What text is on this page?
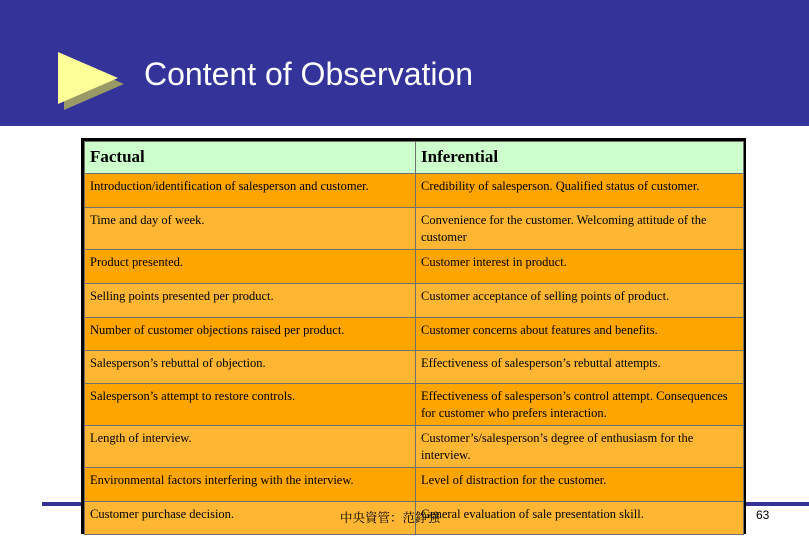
Content of Observation
Factual	Inferential
Introduction/identification of salesperson and customer.	Credibility of salesperson. Qualified status of customer.
Time and day of week.	Convenience for the customer. Welcoming attitude of the customer
Product presented.	Customer interest in product.
Selling points presented per product.	Customer acceptance of selling points of product.
Number of customer objections raised per product.	Customer concerns about features and benefits.
Salesperson’s rebuttal of objection.	Effectiveness of salesperson’s rebuttal attempts.
Salesperson’s attempt to restore controls.	Effectiveness of salesperson’s control attempt. Consequences for customer who prefers interaction.
Length of interview.	Customer’s/salesperson’s degree of enthusiasm for the interview.
Environmental factors interfering with the interview.	Level of distraction for the customer.
Customer purchase decision.	General evaluation of sale presentation skill.
中央資管：范錚強	63
